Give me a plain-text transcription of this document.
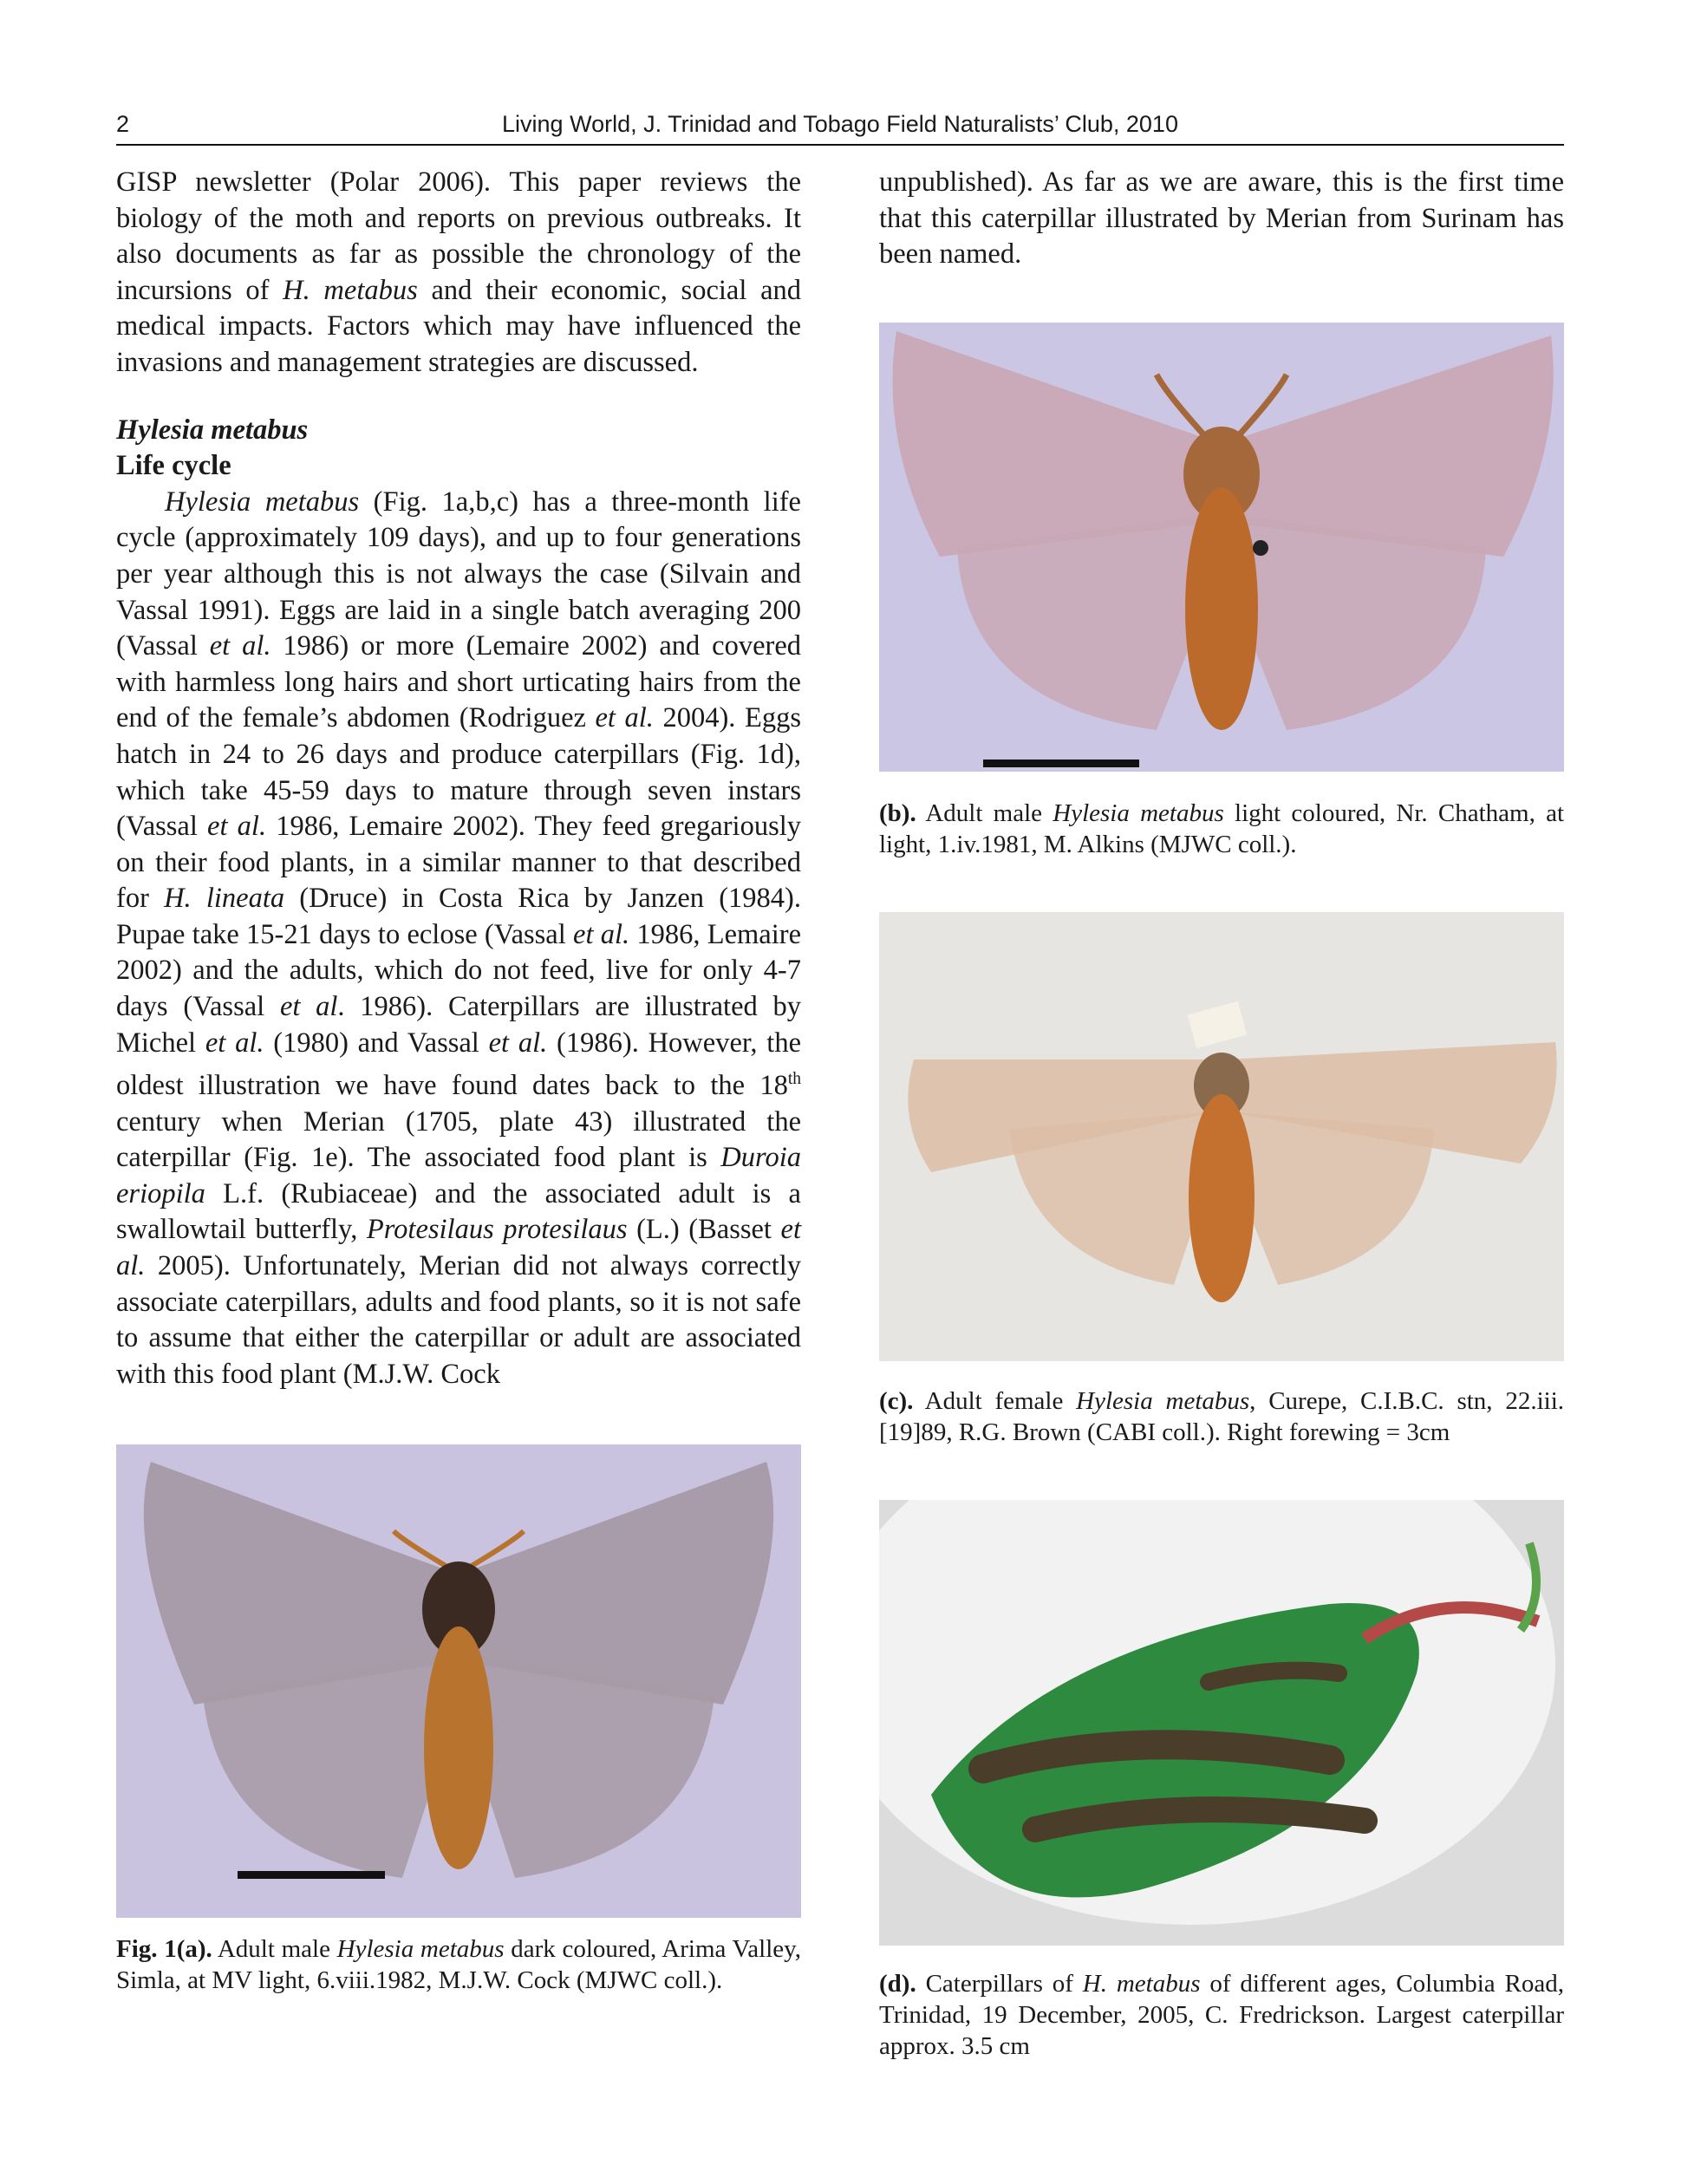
2	Living World, J. Trinidad and Tobago Field Naturalists’ Club, 2010

GISP newsletter (Polar 2006). This paper reviews the biology of the moth and reports on previous outbreaks. It also documents as far as possible the chronology of the incursions of H. metabus and their economic, social and medical impacts. Factors which may have influenced the invasions and management strategies are discussed.

Hylesia metabus

Life cycle

Hylesia metabus (Fig. 1a,b,c) has a three-month life cycle (approximately 109 days), and up to four generations per year although this is not always the case (Silvain and Vassal 1991). Eggs are laid in a single batch averaging 200 (Vassal et al. 1986) or more (Lemaire 2002) and covered with harmless long hairs and short urticating hairs from the end of the female’s abdomen (Rodriguez et al. 2004). Eggs hatch in 24 to 26 days and produce caterpillars (Fig. 1d), which take 45-59 days to mature through seven instars (Vassal et al. 1986, Lemaire 2002). They feed gregariously on their food plants, in a similar manner to that described for H. lineata (Druce) in Costa Rica by Janzen (1984). Pupae take 15-21 days to eclose (Vassal et al. 1986, Lemaire 2002) and the adults, which do not feed, live for only 4-7 days (Vassal et al. 1986). Caterpillars are illustrated by Michel et al. (1980) and Vassal et al. (1986). However, the oldest illustration we have found dates back to the 18th century when Merian (1705, plate 43) illustrated the caterpillar (Fig. 1e). The associated food plant is Duroia eriopila L.f. (Rubiaceae) and the associated adult is a swallowtail butterfly, Protesilaus protesilaus (L.) (Basset et al. 2005). Unfortunately, Merian did not always correctly associate caterpillars, adults and food plants, so it is not safe to assume that either the caterpillar or adult are associated with this food plant (M.J.W. Cock

unpublished). As far as we are aware, this is the first time that this caterpillar illustrated by Merian from Surinam has been named.

Fig. 1(a). Adult male Hylesia metabus dark coloured, Arima Valley, Simla, at MV light, 6.viii.1982, M.J.W. Cock (MJWC coll.).
(b). Adult male Hylesia metabus light coloured, Nr. Chatham, at light, 1.iv.1981, M. Alkins (MJWC coll.).
(c). Adult female Hylesia metabus, Curepe, C.I.B.C. stn, 22.iii.[19]89, R.G. Brown (CABI coll.). Right forewing = 3cm
(d). Caterpillars of H. metabus of different ages, Columbia Road, Trinidad, 19 December, 2005, C. Fredrickson. Largest caterpillar approx. 3.5 cm
